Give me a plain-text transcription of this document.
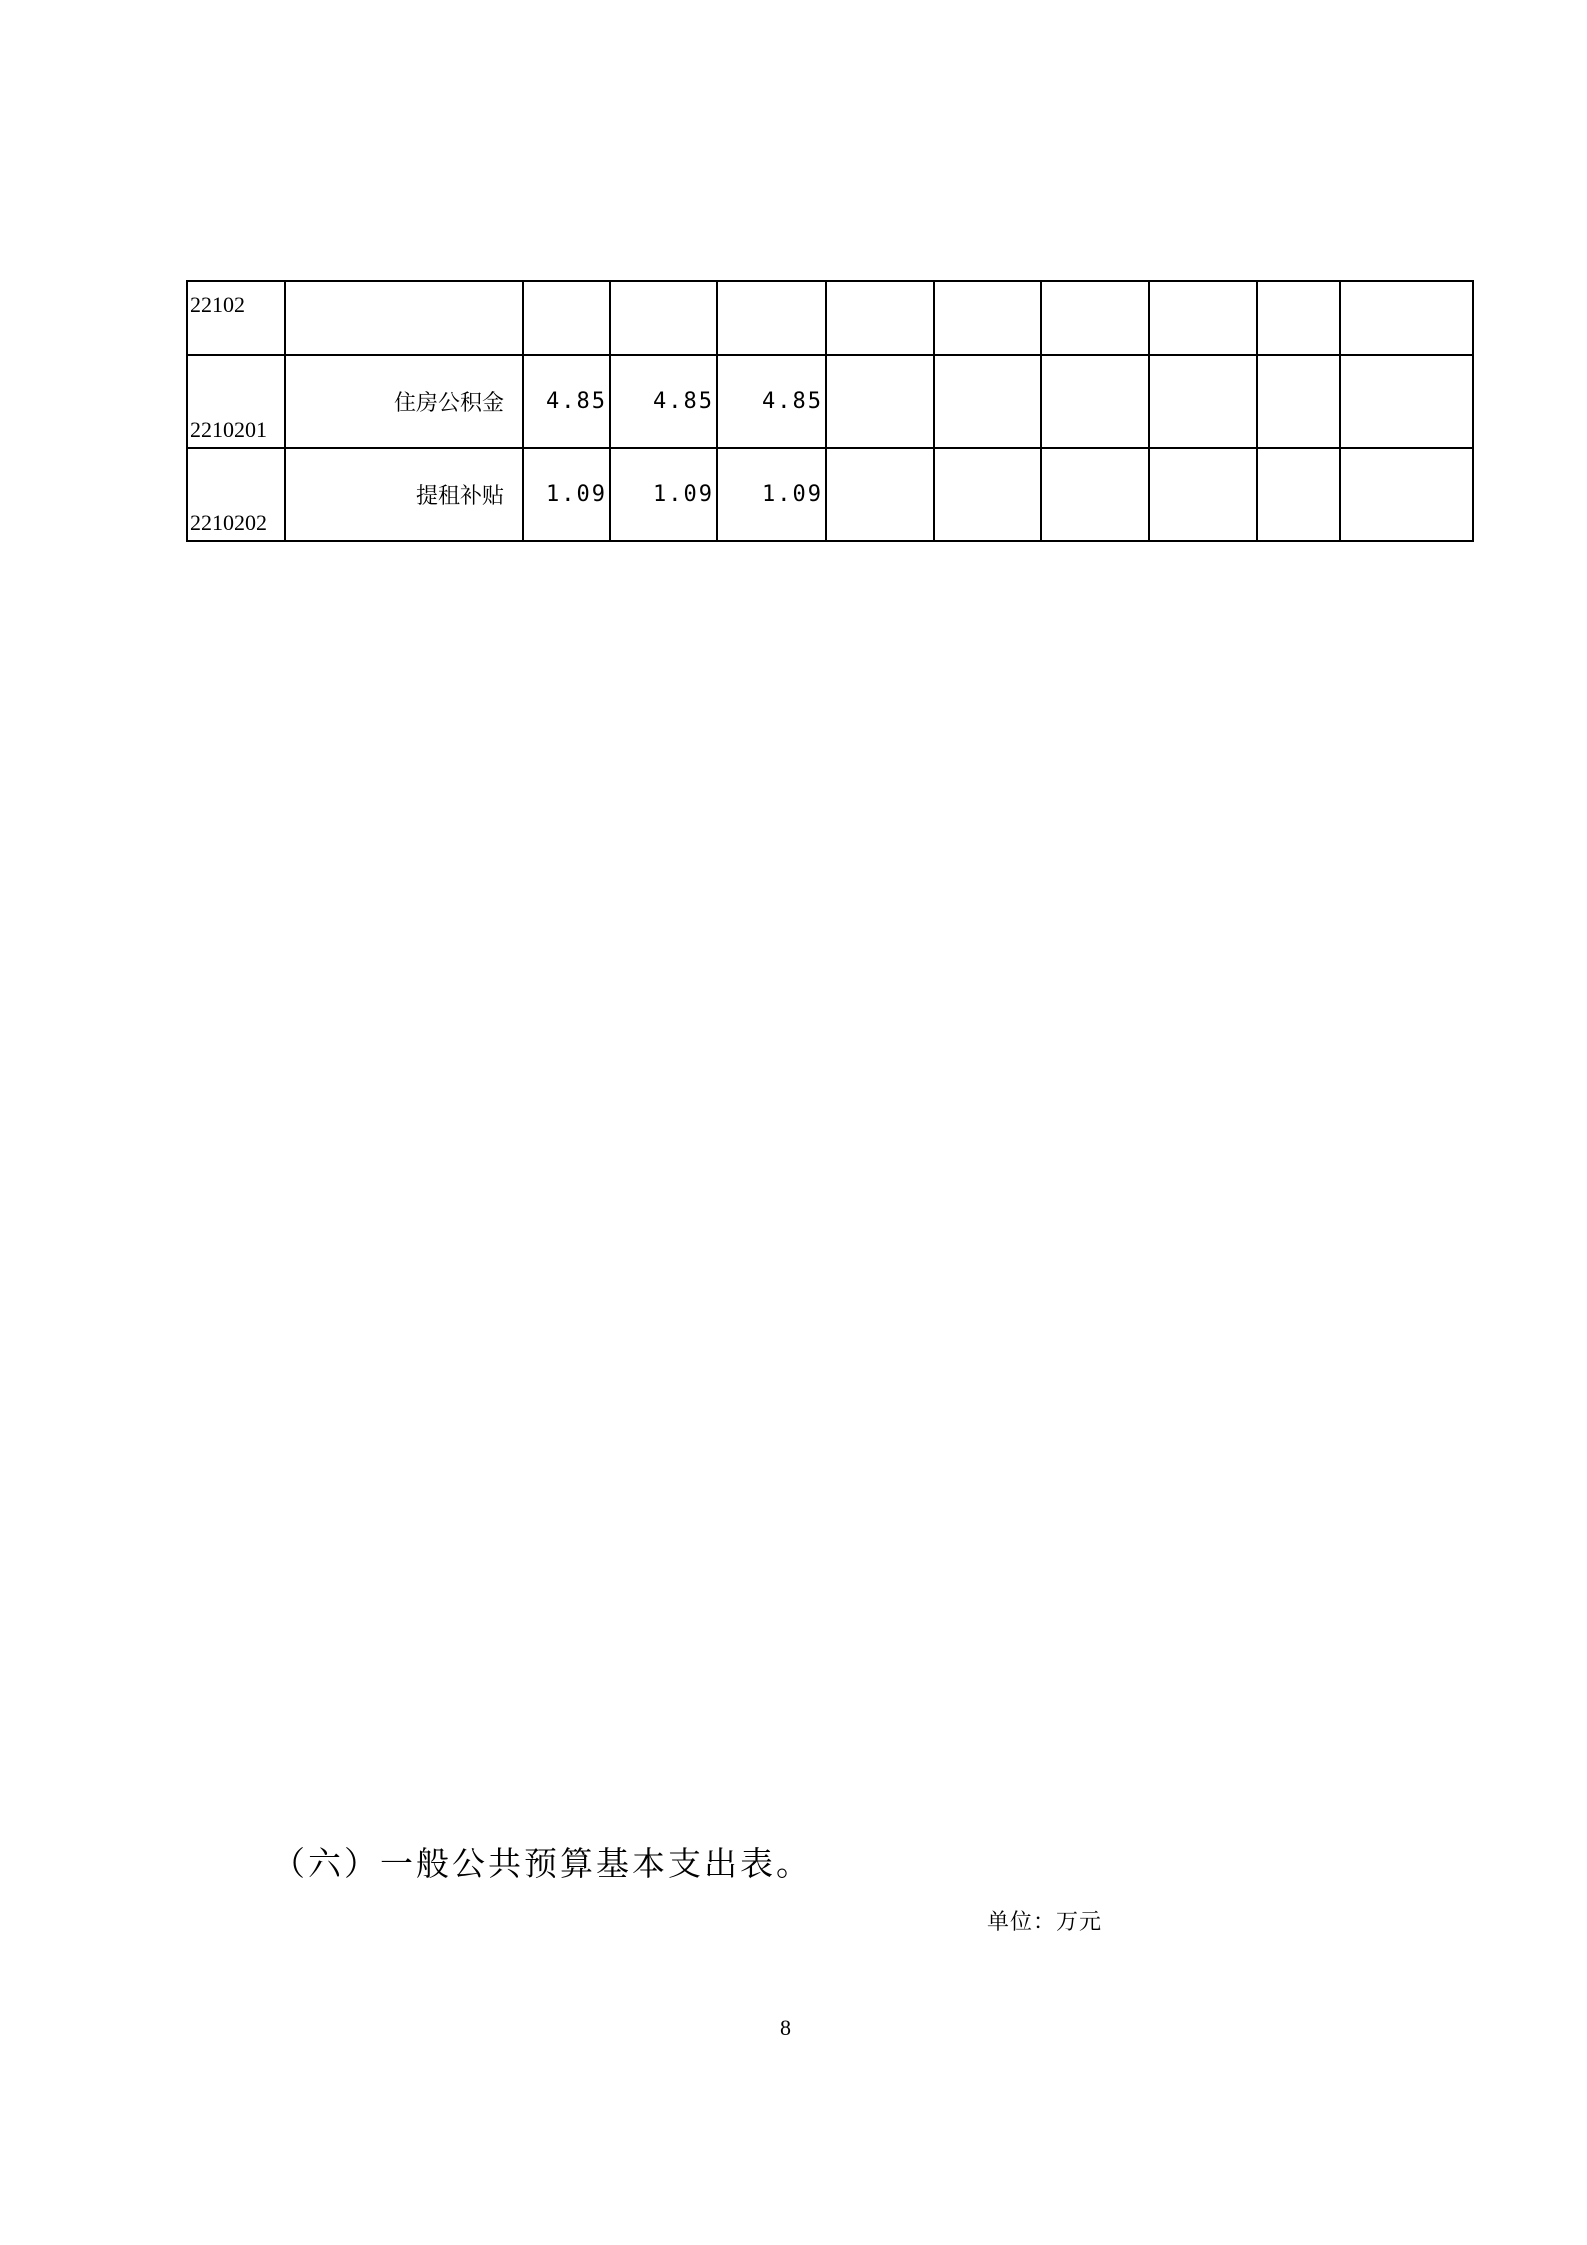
22102										
2210201	住房公积金	4.85	4.85	4.85						
2210202	提租补贴	1.09	1.09	1.09						
（六）一般公共预算基本支出表。
单位：万元
8
